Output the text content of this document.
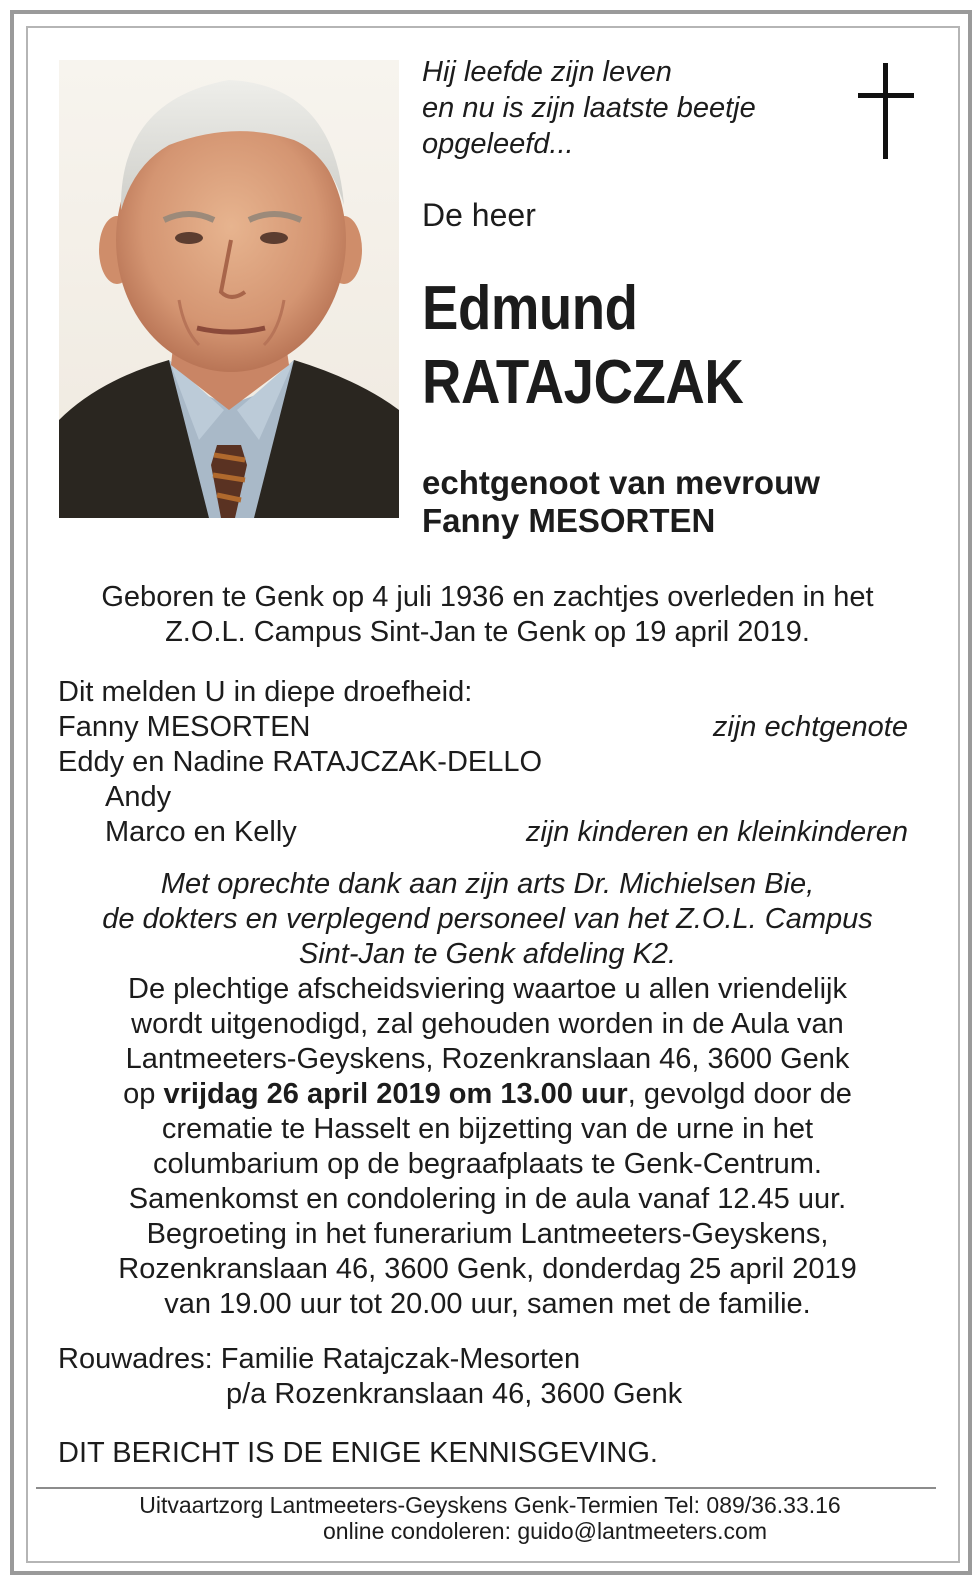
Hij leefde zijn leven
en nu is zijn laatste beetje
opgeleefd...

De heer
Edmund
RATAJCZAK
echtgenoot van mevrouw
Fanny MESORTEN

Geboren te Genk op 4 juli 1936 en zachtjes overleden in het

Z.O.L. Campus Sint-Jan te Genk op 19 april 2019.

Dit melden U in diepe droefheid:
Fanny MESORTEN	zijn echtgenote
Eddy en Nadine RATAJCZAK-DELLO
Andy
Marco en Kelly	zijn kinderen en kleinkinderen

Met oprechte dank aan zijn arts Dr. Michielsen Bie,

de dokters en verplegend personeel van het Z.O.L. Campus

Sint-Jan te Genk afdeling K2.

De plechtige afscheidsviering waartoe u allen vriendelijk

wordt uitgenodigd, zal gehouden worden in de Aula van

Lantmeeters-Geyskens, Rozenkranslaan 46, 3600 Genk

op vrijdag 26 april 2019 om 13.00 uur, gevolgd door de

crematie te Hasselt en bijzetting van de urne in het

columbarium op de begraafplaats te Genk-Centrum.

Samenkomst en condolering in de aula vanaf 12.45 uur.

Begroeting in het funerarium Lantmeeters-Geyskens,

Rozenkranslaan 46, 3600 Genk, donderdag 25 april 2019

van 19.00 uur tot 20.00 uur, samen met de familie.

Rouwadres: Familie Ratajczak-Mesorten
p/a Rozenkranslaan 46, 3600 Genk
DIT BERICHT IS DE ENIGE KENNISGEVING.
Uitvaartzorg Lantmeeters-Geyskens Genk-Termien Tel: 089/36.33.16
online condoleren: guido@lantmeeters.com
